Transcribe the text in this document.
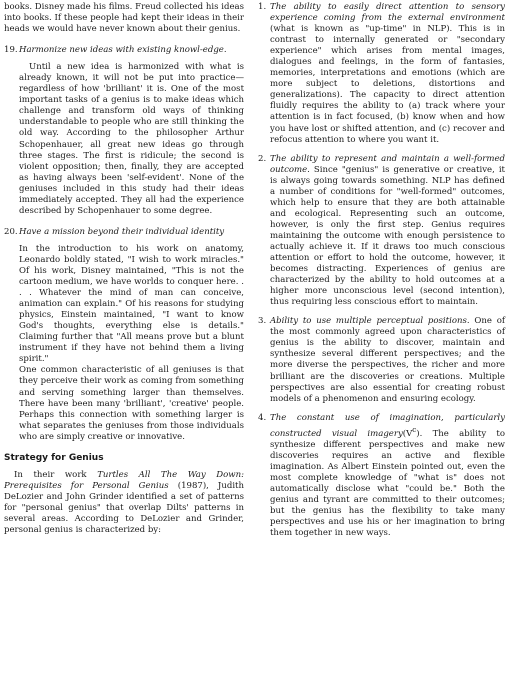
books. Disney made his films. Freud collected his ideas into books. If these people had kept their ideas in their heads we would have never known about their genius.

19. Harmonize new ideas with existing knowl-edge.

Until a new idea is harmonized with what is already known, it will not be put into practice—regardless of how 'brilliant' it is. One of the most important tasks of a genius is to make ideas which challenge and transform old ways of thinking understandable to people who are still thinking the old way. According to the philosopher Arthur Schopenhauer, all great new ideas go through three stages. The first is ridicule; the second is violent opposition; then, finally, they are accepted as having always been 'self-evident'. None of the geniuses included in this study had their ideas immediately accepted. They all had the experience described by Schopenhauer to some degree.

20. Have a mission beyond their individual identity

In the introduction to his work on anatomy, Leonardo boldly stated, "I wish to work miracles." Of his work, Disney maintained, "This is not the cartoon medium, we have worlds to conquer here. . . . Whatever the mind of man can conceive, animation can explain." Of his reasons for studying physics, Einstein maintained, "I want to know God's thoughts, everything else is details." Claiming further that "All means prove but a blunt instrument if they have not behind them a living spirit."

One common characteristic of all geniuses is that they perceive their work as coming from something and serving something larger than themselves. There have been many 'brilliant', 'creative' people. Perhaps this connection with something larger is what separates the geniuses from those individuals who are simply creative or innovative.

Strategy for Genius

In their work Turtles All The Way Down: Prerequisites for Personal Genius (1987), Judith DeLozier and John Grinder identified a set of patterns for "personal genius" that overlap Dilts' patterns in several areas. According to DeLozier and Grinder, personal genius is characterized by:

1. The ability to easily direct attention to sensory experience coming from the external environment (what is known as "up-time" in NLP). This is in contrast to internally generated or "secondary experience" which arises from mental images, dialogues and feelings, in the form of fantasies, memories, interpretations and emotions (which are more subject to deletions, distortions and generalizations). The capacity to direct attention fluidly requires the ability to (a) track where your attention is in fact focused, (b) know when and how you have lost or shifted attention, and (c) recover and refocus attention to where you want it.

2. The ability to represent and maintain a well-formed outcome. Since "genius" is generative or creative, it is always going towards something. NLP has defined a number of conditions for "well-formed" outcomes, which help to ensure that they are both attainable and ecological. Representing such an outcome, however, is only the first step. Genius requires maintaining the outcome with enough persistence to actually achieve it. If it draws too much conscious attention or effort to hold the outcome, however, it becomes distracting. Experiences of genius are characterized by the ability to hold outcomes at a higher more unconscious level (second intention), thus requiring less conscious effort to maintain.

3. Ability to use multiple perceptual positions. One of the most commonly agreed upon characteristics of genius is the ability to discover, maintain and synthesize several different perspectives; and the more diverse the perspectives, the richer and more brilliant are the discoveries or creations. Multiple perspectives are also essential for creating robust models of a phenomenon and ensuring ecology.

4. The constant use of imagination, particularly constructed visual $imagery(V^c)$. The ability to synthesize different perspectives and make new discoveries requires an active and flexible imagination. As Albert Einstein pointed out, even the most complete knowledge of "what is" does not automatically disclose what "could be." Both the genius and tyrant are committed to their outcomes; but the genius has the flexibility to take many perspectives and use his or her imagination to bring them together in new ways.
